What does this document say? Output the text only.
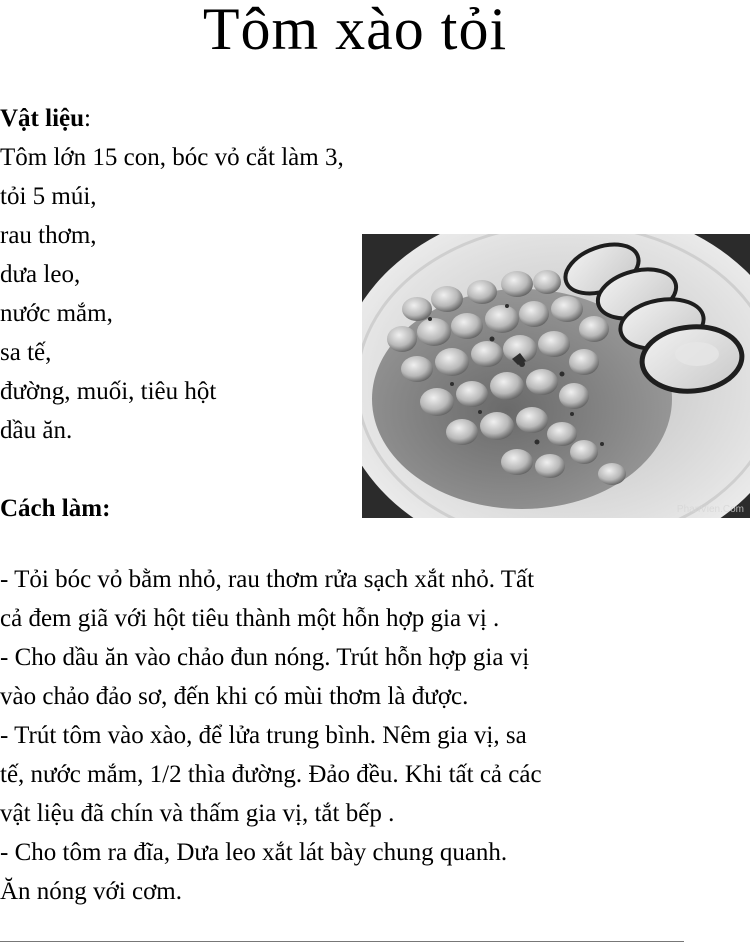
Tôm xào tỏi
Vật liệu:
Tôm lớn 15 con, bóc vỏ cắt làm 3,
tỏi 5 múi,
rau thơm,
dưa leo,
nước mắm,
sa tế,
đường, muối, tiêu hột
dầu ăn.
Cách làm:
- Tỏi bóc vỏ bằm nhỏ, rau thơm rửa sạch xắt nhỏ. Tất
cả đem giã với hột tiêu thành một hỗn hợp gia vị .
- Cho dầu ăn vào chảo đun nóng. Trút hỗn hợp gia vị
vào chảo đảo sơ, đến khi có mùi thơm là được.
- Trút tôm vào xào, để lửa trung bình. Nêm gia vị, sa
tế, nước mắm, 1/2 thìa đường. Đảo đều. Khi tất cả các
vật liệu đã chín và thấm gia vị, tắt bếp .
- Cho tôm ra đĩa, Dưa leo xắt lát bày chung quanh.
Ăn nóng với cơm.
PhanVien.Com
